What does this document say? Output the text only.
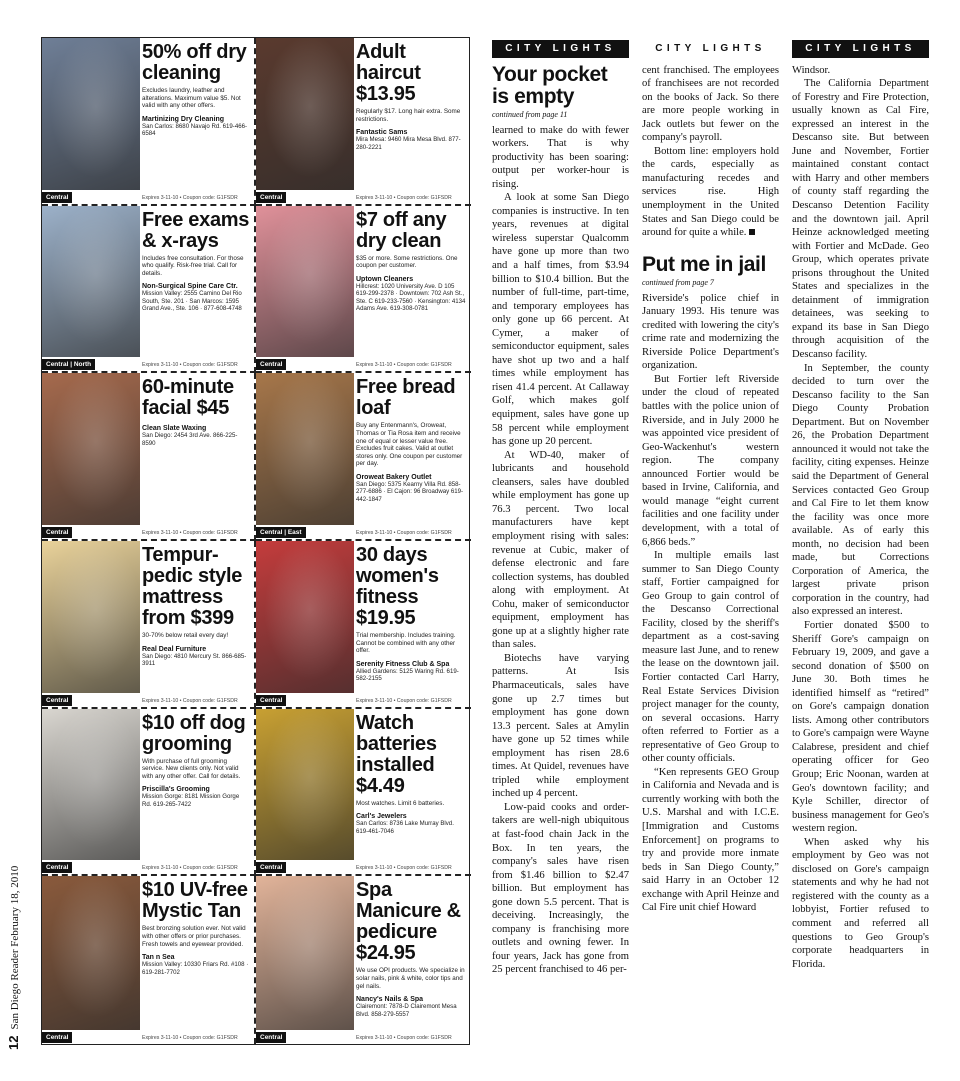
12San Diego Reader February 18, 2010
50% off dry cleaning
Excludes laundry, leather and alterations. Maximum value $5. Not valid with any other offers.
Martinizing Dry Cleaning
San Carlos: 8680 Navajo Rd. 619-466-6584
Expires 3-11-10 • Coupon code: G1FSDR
Central
Adult haircut $13.95
Regularly $17. Long hair extra. Some restrictions.
Fantastic Sams
Mira Mesa: 9460 Mira Mesa Blvd. 877-280-2221
Expires 3-11-10 • Coupon code: G1FSDR
Central
Free exams & x-rays
Includes free consultation. For those who qualify. Risk-free trial. Call for details.
Non-Surgical Spine Care Ctr.
Mission Valley: 2555 Camino Del Rio South, Ste. 201 · San Marcos: 1595 Grand Ave., Ste. 106 · 877-608-4748
Expires 3-11-10 • Coupon code: G1FSDR
Central | North
$7 off any dry clean
$35 or more. Some restrictions. One coupon per customer.
Uptown Cleaners
Hillcrest: 1020 University Ave. D 105 619-299-2378 · Downtown: 702 Ash St., Ste. C 619-233-7560 · Kensington: 4134 Adams Ave. 619-308-0781
Expires 3-11-10 • Coupon code: G1FSDR
Central
60-minute facial $45
Clean Slate Waxing
San Diego: 2454 3rd Ave. 866-225-8590
Expires 3-11-10 • Coupon code: G1FSDR
Central
Free bread loaf
Buy any Entenmann's, Oroweat, Thomas or Tia Rosa item and receive one of equal or lesser value free. Excludes fruit cakes. Valid at outlet stores only. One coupon per customer per day.
Oroweat Bakery Outlet
San Diego: 5375 Kearny Villa Rd. 858-277-6886 · El Cajon: 96 Broadway 619-442-1847
Expires 3-11-10 • Coupon code: G1FSDR
Central | East
Tempur-pedic style mattress from $399
30-70% below retail every day!
Real Deal Furniture
San Diego: 4810 Mercury St. 866-685-3911
Expires 3-11-10 • Coupon code: G1FSDR
Central
30 days women's fitness $19.95
Trial membership. Includes training. Cannot be combined with any other offer.
Serenity Fitness Club & Spa
Allied Gardens: 5125 Waring Rd. 619-582-2155
Expires 3-11-10 • Coupon code: G1FSDR
Central
$10 off dog grooming
With purchase of full grooming service. New clients only. Not valid with any other offer. Call for details.
Priscilla's Grooming
Mission Gorge: 8181 Mission Gorge Rd. 619-265-7422
Expires 3-11-10 • Coupon code: G1FSDR
Central
Watch batteries installed $4.49
Most watches. Limit 6 batteries.
Carl's Jewelers
San Carlos: 8736 Lake Murray Blvd. 619-461-7046
Expires 3-11-10 • Coupon code: G1FSDR
Central
$10 UV-free Mystic Tan
Best bronzing solution ever. Not valid with other offers or prior purchases. Fresh towels and eyewear provided.
Tan n Sea
Mission Valley: 10330 Friars Rd. #108 · 619-281-7702
Expires 3-11-10 • Coupon code: G1FSDR
Central
Spa Manicure & pedicure $24.95
We use OPI products. We specialize in solar nails, pink & white, color tips and gel nails.
Nancy's Nails & Spa
Clairemont: 7878-D Clairemont Mesa Blvd. 858-279-5557
Expires 3-11-10 • Coupon code: G1FSDR
Central
CITY LIGHTS
Your pocket is empty
continued from page 11

learned to make do with fewer workers. That is why productivity has been soaring: output per worker-hour is rising.

A look at some San Diego companies is instructive. In ten years, revenues at digital wireless superstar Qualcomm have gone up more than two and a half times, from $3.94 billion to $10.4 billion. But the number of full-time, part-time, and temporary employees has only gone up 66 percent. At Cymer, a maker of semiconductor equipment, sales have shot up two and a half times while employment has risen 41.4 percent. At Callaway Golf, which makes golf equipment, sales have gone up 58 percent while employment has gone up 20 percent.

At WD-40, maker of lubricants and household cleansers, sales have doubled while employment has gone up 76.3 percent. Two local manufacturers have kept employment rising with sales: revenue at Cubic, maker of defense electronic and fare collection systems, has doubled along with employment. At Cohu, maker of semiconductor equipment, employment has gone up at a slightly higher rate than sales.

Biotechs have varying patterns. At Isis Pharmaceuticals, sales have gone up 2.7 times but employment has gone down 13.3 percent. Sales at Amylin have gone up 52 times while employment has risen 28.6 times. At Quidel, revenues have tripled while employment inched up 4 percent.

Low-paid cooks and order-takers are well-nigh ubiquitous at fast-food chain Jack in the Box. In ten years, the company's sales have risen from $1.46 billion to $2.47 billion. But employment has gone down 5.5 percent. That is deceiving. Increasingly, the company is franchising more outlets and owning fewer. In four years, Jack has gone from 25 percent franchised to 46 per-

CITY LIGHTS

cent franchised. The employees of franchisees are not recorded on the books of Jack. So there are more people working in Jack outlets but fewer on the company's payroll.

Bottom line: employers hold the cards, especially as manufacturing recedes and services rise. High unemployment in the United States and San Diego could be around for quite a while.

Put me in jail
continued from page 7

Riverside's police chief in January 1993. His tenure was credited with lowering the city's crime rate and modernizing the Riverside Police Department's organization.

But Fortier left Riverside under the cloud of repeated battles with the police union of Riverside, and in July 2000 he was appointed vice president of Geo-Wackenhut's western region. The company announced Fortier would be based in Irvine, California, and would manage “eight current facilities and one facility under development, with a total of 6,866 beds.”

In multiple emails last summer to San Diego County staff, Fortier campaigned for Geo Group to gain control of the Descanso Correctional Facility, closed by the sheriff's department as a cost-saving measure last June, and to renew the lease on the downtown jail. Fortier contacted Carl Harry, Real Estate Services Division project manager for the county, on several occasions. Harry often referred to Fortier as a representative of Geo Group to other county officials.

“Ken represents GEO Group in California and Nevada and is currently working with both the U.S. Marshal and with I.C.E. [Immigration and Customs Enforcement] on programs to try and provide more inmate beds in San Diego County,” said Harry in an October 12 exchange with April Heinze and Cal Fire unit chief Howard

CITY LIGHTS

Windsor.

The California Department of Forestry and Fire Protection, usually known as Cal Fire, expressed an interest in the Descanso site. But between June and November, Fortier maintained constant contact with Harry and other members of county staff regarding the Descanso Detention Facility and the downtown jail. April Heinze acknowledged meeting with Fortier and McDade. Geo Group, which operates private prisons throughout the United States and specializes in the detainment of immigration detainees, was seeking to expand its base in San Diego through acquisition of the Descanso facility.

In September, the county decided to turn over the Descanso facility to the San Diego County Probation Department. But on November 26, the Probation Department announced it would not take the facility, citing expenses. Heinze said the Department of General Services contacted Geo Group and Cal Fire to let them know the facility was once more available. As of early this month, no decision had been made, but Corrections Corporation of America, the largest private prison corporation in the country, had also expressed an interest.

Fortier donated $500 to Sheriff Gore's campaign on February 19, 2009, and gave a second donation of $500 on June 30. Both times he identified himself as “retired” on Gore's campaign donation lists. Among other contributors to Gore's campaign were Wayne Calabrese, president and chief operating officer for Geo Group; Eric Noonan, warden at Geo's downtown facility; and Kyle Schiller, director of business management for Geo's western region.

When asked why his employment by Geo was not disclosed on Gore's campaign statements and why he had not registered with the county as a lobbyist, Fortier refused to comment and referred all questions to Geo Group's corporate headquarters in Florida.
